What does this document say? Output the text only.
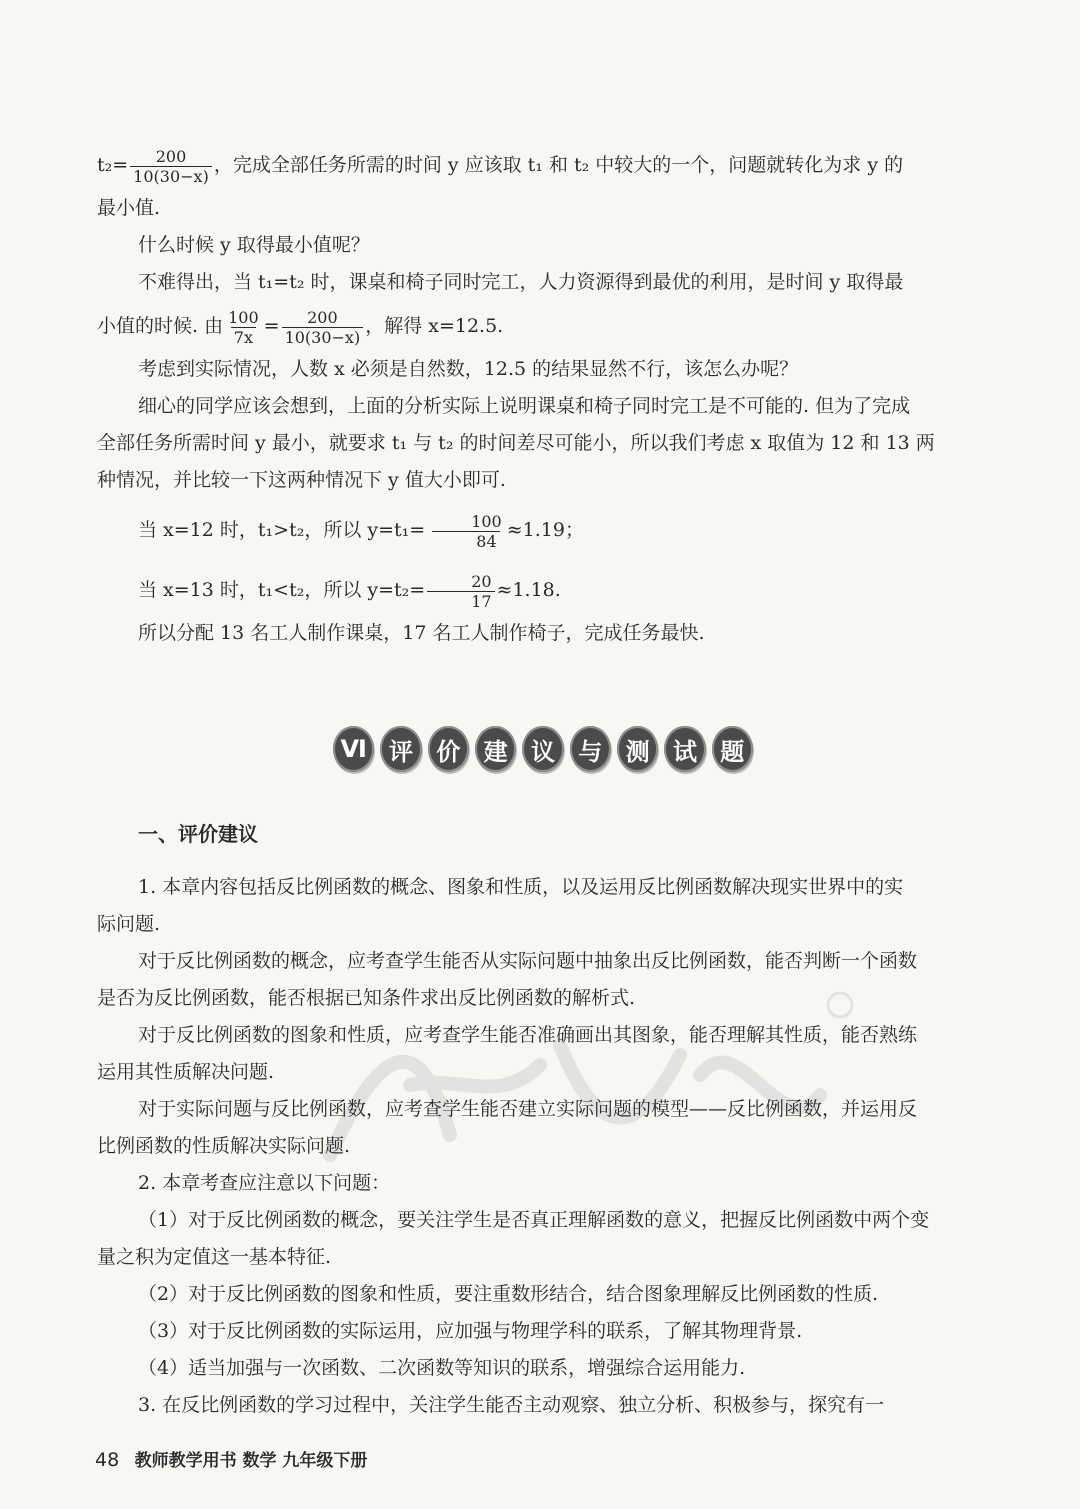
$t_2= \frac{200}{10(30-x)}$ ，完成全部任务所需的时间 y 应该取 t₁ 和 t₂ 中较大的一个，问题就转化为求 y 的
最小值.
什么时候 y 取得最小值呢？
不难得出，当 t₁=t₂ 时，课桌和椅子同时完工，人力资源得到最优的利用，是时间 y 取得最
小值的时候. 由 $\frac{100}{7x} = \frac{200}{10(30-x)}$ ，解得 x=12.5.
考虑到实际情况，人数 x 必须是自然数，12.5 的结果显然不行，该怎么办呢？
细心的同学应该会想到，上面的分析实际上说明课桌和椅子同时完工是不可能的. 但为了完成
全部任务所需时间 y 最小，就要求 t₁ 与 t₂ 的时间差尽可能小，所以我们考虑 x 取值为 12 和 13 两
种情况，并比较一下这两种情况下 y 值大小即可.
当 x=12 时，t₁>t₂，所以 $y=t_1= \frac{100}{84} \approx 1.19$；
当 x=13 时，t₁<t₂，所以 $y=t_2= \frac{20}{17} \approx 1.18$.
所以分配 13 名工人制作课桌，17 名工人制作椅子，完成任务最快.
Ⅵ 评 价 建 议 与 测 试 题
一、评价建议
1. 本章内容包括反比例函数的概念、图象和性质，以及运用反比例函数解决现实世界中的实
际问题.
对于反比例函数的概念，应考查学生能否从实际问题中抽象出反比例函数，能否判断一个函数
是否为反比例函数，能否根据已知条件求出反比例函数的解析式.
对于反比例函数的图象和性质，应考查学生能否准确画出其图象，能否理解其性质，能否熟练
运用其性质解决问题.
对于实际问题与反比例函数，应考查学生能否建立实际问题的模型——反比例函数，并运用反
比例函数的性质解决实际问题.
2. 本章考查应注意以下问题：
（1）对于反比例函数的概念，要关注学生是否真正理解函数的意义，把握反比例函数中两个变
量之积为定值这一基本特征.
（2）对于反比例函数的图象和性质，要注重数形结合，结合图象理解反比例函数的性质.
（3）对于反比例函数的实际运用，应加强与物理学科的联系，了解其物理背景.
（4）适当加强与一次函数、二次函数等知识的联系，增强综合运用能力.
3. 在反比例函数的学习过程中，关注学生能否主动观察、独立分析、积极参与，探究有一
48 教师教学用书 数学 九年级下册
